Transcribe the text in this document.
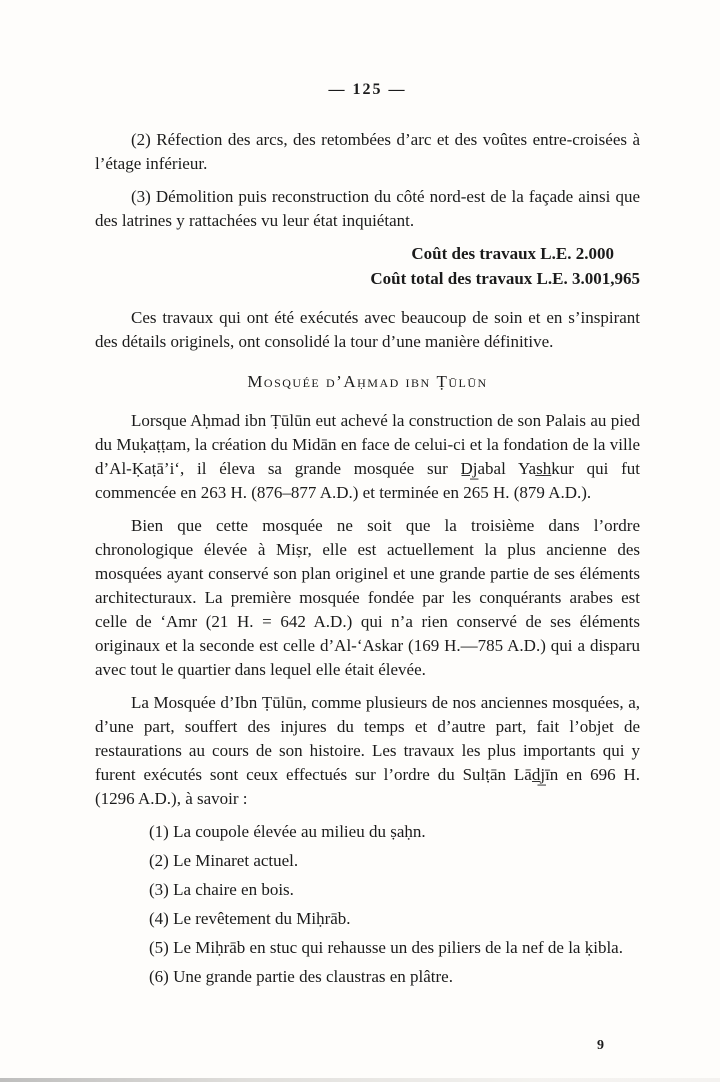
— 125 —

(2) Réfection des arcs, des retombées d’arc et des voûtes entre-croisées à l’étage inférieur.

(3) Démolition puis reconstruction du côté nord-est de la façade ainsi que des latrines y rattachées vu leur état inquiétant.

Coût des travaux L.E. 2.000

Coût total des travaux L.E. 3.001,965

Ces travaux qui ont été exécutés avec beaucoup de soin et en s’inspirant des détails originels, ont consolidé la tour d’une manière définitive.

Mosquée d’Aḥmad ibn Ṭūlūn

Lorsque Aḥmad ibn Ṭūlūn eut achevé la construction de son Palais au pied du Muḳaṭṭam, la création du Midān en face de celui-ci et la fondation de la ville d’Al-Ḳaṭā’i‘, il éleva sa grande mosquée sur D̲j̲abal Yas̲h̲kur qui fut commencée en 263 H. (876–877 A.D.) et terminée en 265 H. (879 A.D.).

Bien que cette mosquée ne soit que la troisième dans l’ordre chronologique élevée à Miṣr, elle est actuellement la plus ancienne des mosquées ayant conservé son plan originel et une grande partie de ses éléments architecturaux. La première mosquée fondée par les conquérants arabes est celle de ‘Amr (21 H. = 642 A.D.) qui n’a rien conservé de ses éléments originaux et la seconde est celle d’Al-‘Askar (169 H.—785 A.D.) qui a disparu avec tout le quartier dans lequel elle était élevée.

La Mosquée d’Ibn Ṭūlūn, comme plusieurs de nos anciennes mosquées, a, d’une part, souffert des injures du temps et d’autre part, fait l’objet de restaurations au cours de son histoire. Les travaux les plus importants qui y furent exécutés sont ceux effectués sur l’ordre du Sulṭān Lād̲j̲īn en 696 H. (1296 A.D.), à savoir :

(1) La coupole élevée au milieu du ṣaḥn.

(2) Le Minaret actuel.

(3) La chaire en bois.

(4) Le revêtement du Miḥrāb.

(5) Le Miḥrāb en stuc qui rehausse un des piliers de la nef de la ḳibla.

(6) Une grande partie des claustras en plâtre.

9
